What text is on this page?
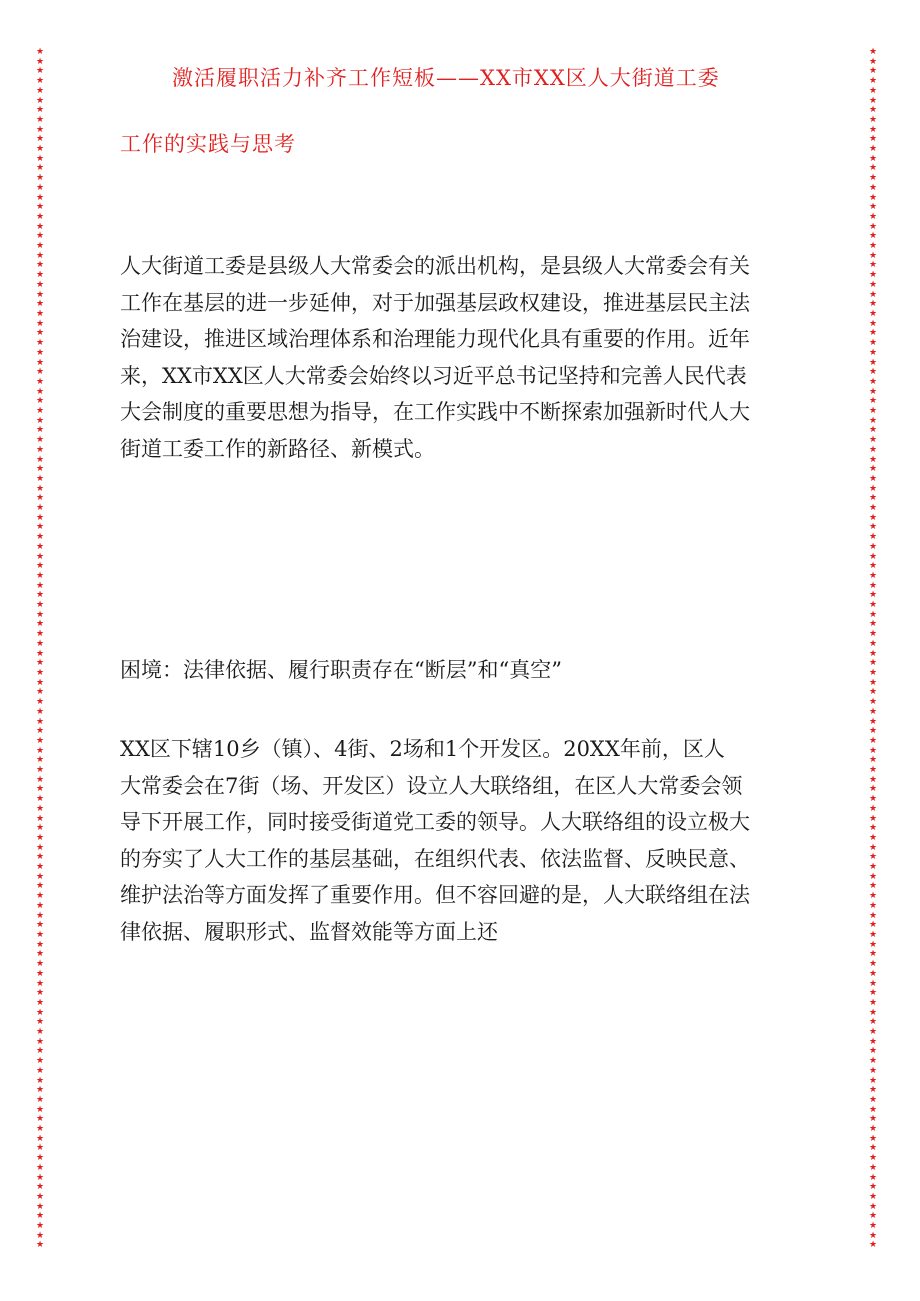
★
★
★
★
★
★
★
★
★
★
★
★
★
★
★
★
★
★
★
★
★
★
★
★
★
★
★
★
★
★
★
★
★
★
★
★
★
★
★
★
★
★
★
★
★
★
★
★
★
★
★
★
★
★
★
★
★
★
★
★
★
★
★
★
★
★
★
★
★
★
★
★
★
★
★
★
★
★
★
★
★
★
★
★
★
★
★
★
★
★
★
★
★
★
★
★
★
★
★
★
★
★
★
★
★
★
★
★
★
★
★
★
★
★
★
★
★
★
★
★
★
★
★
★
★
★
★
★
★
★
★
★
★
★
★
★
★
★
★
★
★
★
★
★
★
★
★
★
★
★
★
★
★
★
★
★
★
★
★
★
★
★
★
★
★
★
★
★
★
★
★
★
★
★
★
★
★
★
★
★
★
★
★
★
★
★
★
★
★
★
★
★
★
★
★
★
★
★
★
★
★
★
★
★
★
★
★
★
★
★
★
★
★
★
★
★
★
★
★
★
★
★
★
★
★
★
★
★
★
★
★
★
★
★
★
★
★
★
★
★
★
★
★
★
★
★
★
★
激活履职活力补齐工作短板——XX市XX区人大街道工委
工作的实践与思考
人大街道工委是县级人大常委会的派出机构，是县级人大常委会有关
工作在基层的进一步延伸，对于加强基层政权建设，推进基层民主法
治建设，推进区域治理体系和治理能力现代化具有重要的作用。近年
来，XX市XX区人大常委会始终以习近平总书记坚持和完善人民代表
大会制度的重要思想为指导，在工作实践中不断探索加强新时代人大
街道工委工作的新路径、新模式。

困境：法律依据、履行职责存在“断层”和“真空”

XX区下辖10乡（镇）、4街、2场和1个开发区。20XX年前，区人
大常委会在7街（场、开发区）设立人大联络组，在区人大常委会领
导下开展工作，同时接受街道党工委的领导。人大联络组的设立极大
的夯实了人大工作的基层基础，在组织代表、依法监督、反映民意、
维护法治等方面发挥了重要作用。但不容回避的是，人大联络组在法
律依据、履职形式、监督效能等方面上还
